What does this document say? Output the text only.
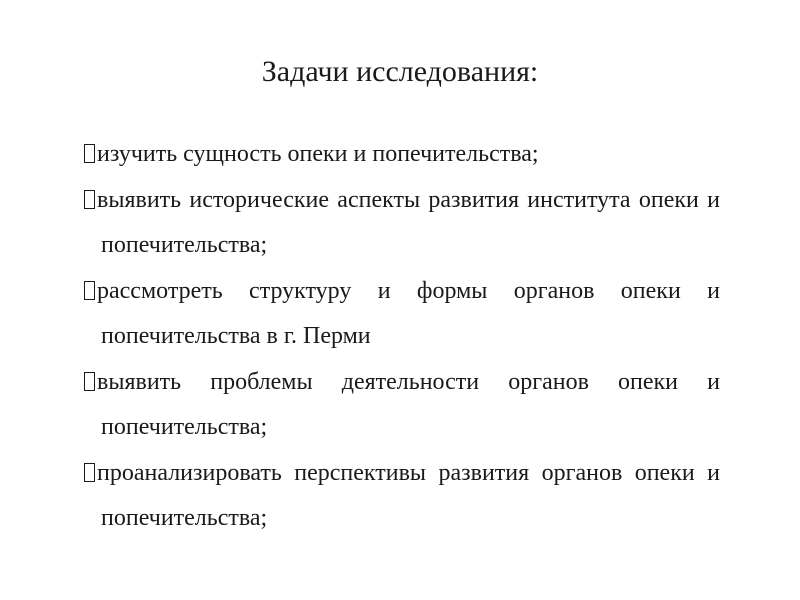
Задачи исследования:
изучить сущность опеки и попечительства;
выявить исторические аспекты развития института опеки и попечительства;
рассмотреть структуру и формы органов опеки и попечительства в г. Перми
выявить проблемы деятельности органов опеки и попечительства;
проанализировать перспективы развития органов опеки и попечительства;
